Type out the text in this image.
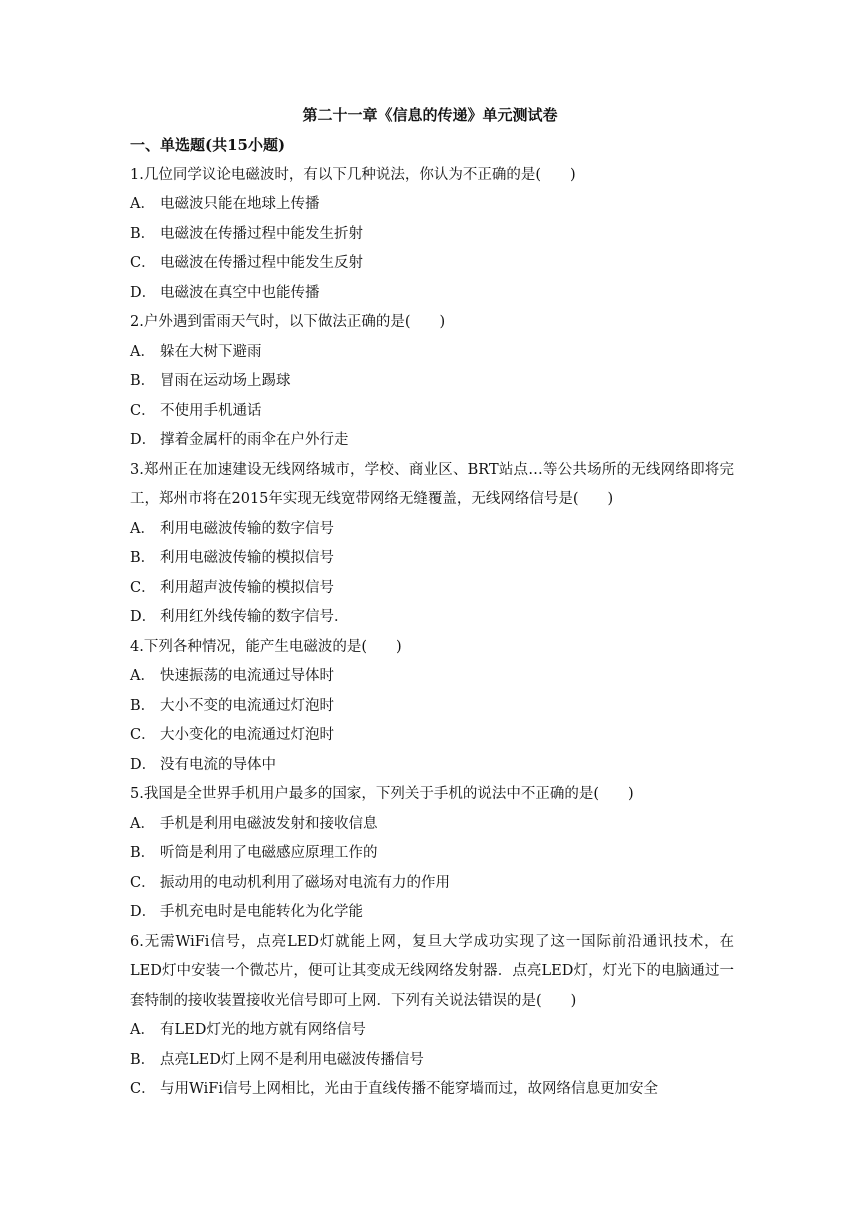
第二十一章《信息的传递》单元测试卷
一、单选题(共15小题)
1.几位同学议论电磁波时，有以下几种说法，你认为不正确的是(　　)
A． 电磁波只能在地球上传播
B． 电磁波在传播过程中能发生折射
C． 电磁波在传播过程中能发生反射
D． 电磁波在真空中也能传播
2.户外遇到雷雨天气时，以下做法正确的是(　　)
A． 躲在大树下避雨
B． 冒雨在运动场上踢球
C． 不使用手机通话
D． 撑着金属杆的雨伞在户外行走
3.郑州正在加速建设无线网络城市，学校、商业区、BRT站点…等公共场所的无线网络即将完工，郑州市将在2015年实现无线宽带网络无缝覆盖，无线网络信号是(　　)
A． 利用电磁波传输的数字信号
B． 利用电磁波传输的模拟信号
C． 利用超声波传输的模拟信号
D． 利用红外线传输的数字信号．
4.下列各种情况，能产生电磁波的是(　　)
A． 快速振荡的电流通过导体时
B． 大小不变的电流通过灯泡时
C． 大小变化的电流通过灯泡时
D． 没有电流的导体中
5.我国是全世界手机用户最多的国家，下列关于手机的说法中不正确的是(　　)
A． 手机是利用电磁波发射和接收信息
B． 听筒是利用了电磁感应原理工作的
C． 振动用的电动机利用了磁场对电流有力的作用
D． 手机充电时是电能转化为化学能
6.无需WiFi信号，点亮LED灯就能上网，复旦大学成功实现了这一国际前沿通讯技术，在LED灯中安装一个微芯片，便可让其变成无线网络发射器．点亮LED灯，灯光下的电脑通过一套特制的接收装置接收光信号即可上网．下列有关说法错误的是(　　)
A． 有LED灯光的地方就有网络信号
B． 点亮LED灯上网不是利用电磁波传播信号
C． 与用WiFi信号上网相比，光由于直线传播不能穿墙而过，故网络信息更加安全
